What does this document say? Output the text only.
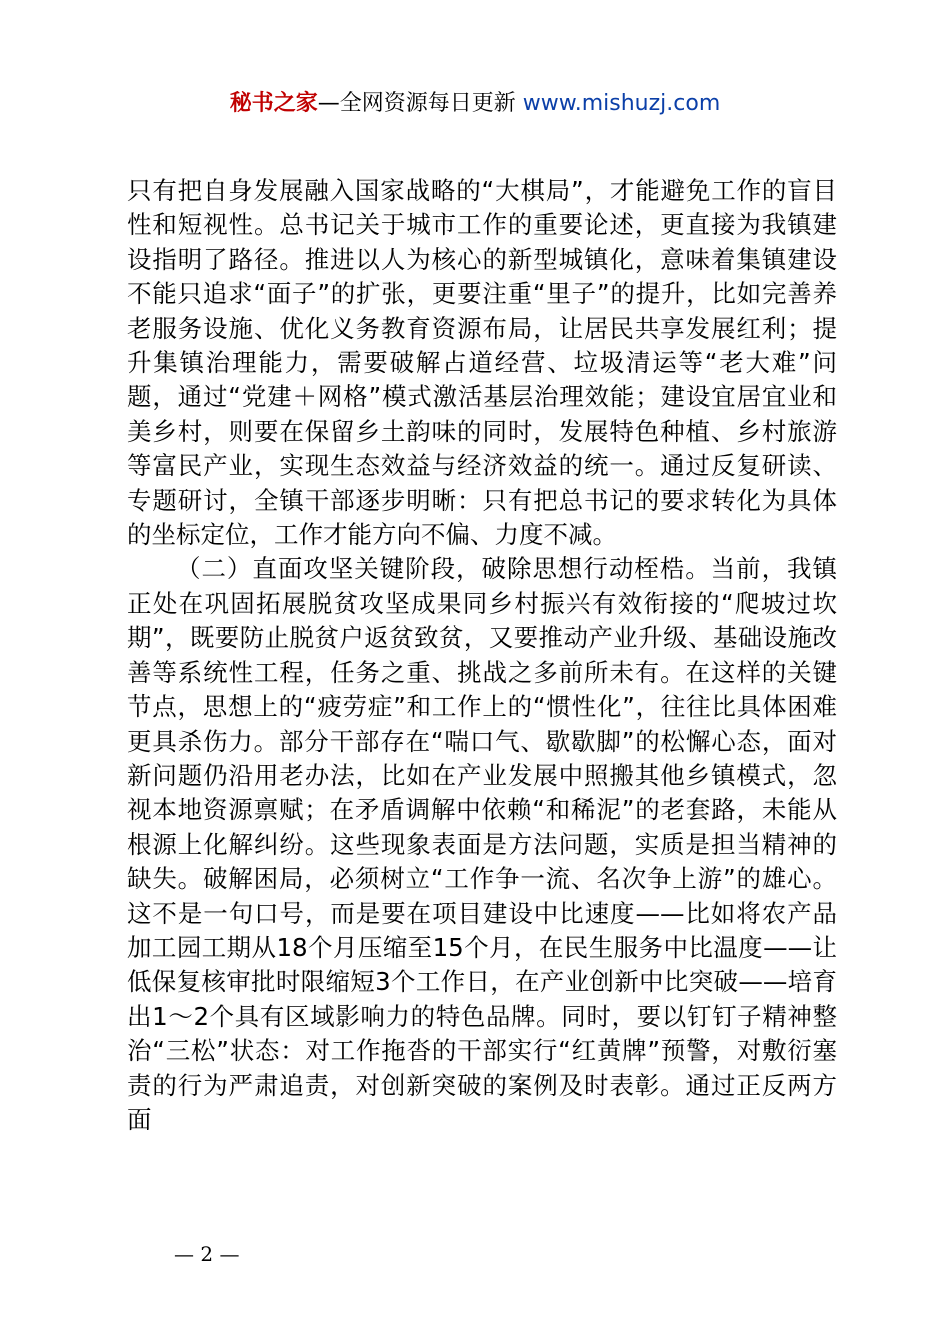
秘书之家—全网资源每日更新 www.mishuzj.com

只有把自身发展融入国家战略的“大棋局”，才能避免工作的盲目性和短视性。总书记关于城市工作的重要论述，更直接为我镇建设指明了路径。推进以人为核心的新型城镇化，意味着集镇建设不能只追求“面子”的扩张，更要注重“里子”的提升，比如完善养老服务设施、优化义务教育资源布局，让居民共享发展红利；提升集镇治理能力，需要破解占道经营、垃圾清运等“老大难”问题，通过“党建＋网格”模式激活基层治理效能；建设宜居宜业和美乡村，则要在保留乡土韵味的同时，发展特色种植、乡村旅游等富民产业，实现生态效益与经济效益的统一。通过反复研读、专题研讨，全镇干部逐步明晰：只有把总书记的要求转化为具体的坐标定位，工作才能方向不偏、力度不减。

（二）直面攻坚关键阶段，破除思想行动桎梏。当前，我镇正处在巩固拓展脱贫攻坚成果同乡村振兴有效衔接的“爬坡过坎期”，既要防止脱贫户返贫致贫，又要推动产业升级、基础设施改善等系统性工程，任务之重、挑战之多前所未有。在这样的关键节点，思想上的“疲劳症”和工作上的“惯性化”，往往比具体困难更具杀伤力。部分干部存在“喘口气、歇歇脚”的松懈心态，面对新问题仍沿用老办法，比如在产业发展中照搬其他乡镇模式，忽视本地资源禀赋；在矛盾调解中依赖“和稀泥”的老套路，未能从根源上化解纠纷。这些现象表面是方法问题，实质是担当精神的缺失。破解困局，必须树立“工作争一流、名次争上游”的雄心。这不是一句口号，而是要在项目建设中比速度——比如将农产品加工园工期从18个月压缩至15个月，在民生服务中比温度——让低保复核审批时限缩短3个工作日，在产业创新中比突破——培育出1～2个具有区域影响力的特色品牌。同时，要以钉钉子精神整治“三松”状态：对工作拖沓的干部实行“红黄牌”预警，对敷衍塞责的行为严肃追责，对创新突破的案例及时表彰。通过正反两方面

— 2 —
